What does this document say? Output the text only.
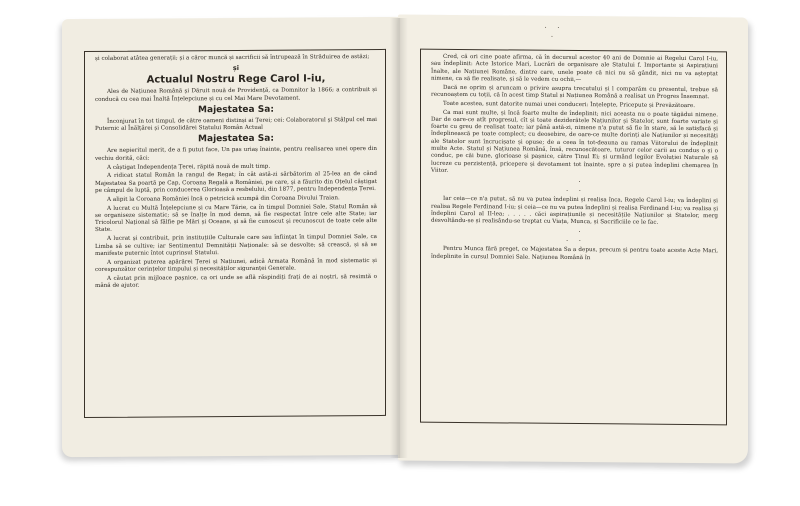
și colaborat atâtea generații; și a căror muncă și sacrificii să întrupează în Străduirea de astăzi;

și

Actualul Nostru Rege Carol I-iu,

Ales de Națiunea Română și Dăruit nouă de Providență, ca Domnitor la 1866; a contribuit și conducă cu cea mai Înaltă Înțelepciune și cu cel Mai Mare Devotament.

Majestatea Sa:

Înconjurat în tot timpul, de către oameni distinși ai Țerei; cei: Colaboratorul și Stâlpul cel mai Puternic al Înălțărei și Consolidărei Statului Român Actual

Majestatea Sa:

Are nepieritul merit, de a fi putut face, Un pas uriaș înainte, pentru realisarea unei opere din vechiu dorită, căci:

A câștigat Independența Țerei, răpită nouă de mult timp.

A ridicat statul Român la rangul de Regat; în cât astă-zi sărbătorim al 25-lea an de când Majestatea Sa poartă pe Cap, Coroana Regală a României, pe care, și a făurito din Oțelul câștigat pe câmpul de luptă, prin conducerea Glorioasă a resbelului, din 1877, pentru Independența Țerei.

A alipit la Coroana României încă o petricică scumpă din Coroana Divului Traian.

A lucrat cu Multă Înțelepciune și cu Mare Tărie, ca în timpul Domniei Sale, Statul Român să se organiseze sistematic; să se înalțe în mod demn, să fie respectat între cele alte State; iar Tricolorul Național să fâlfie pe Mări și Oceane, și să fie cunoscut și recunoscut de toate cele alte State.

A lucrat și contribuit, prin instituțiile Culturale care sau înființat în timpul Domniei Sale, ca Limba să se cultive; iar Sentimentul Demnității Naționale: să se desvolte; să crească, și să se manifeste puternic întot cuprinsul Statului.

A organizat puterea apărărei Țerei și Națiunei, adică Armata Română în mod sistematic și corespunzător cerințelor timpului și necesităților siguranței Generale.

A căutat prin mijloace pașnice, ca ori unde se află răspindiți frați de ai noștri, să resimtă o mână de ajutor.

·  ·
·

Cred, că ori cine poate afirma, că în decursul acestor 40 ani de Domnie ai Regelui Carol I-iu, sau îndeplinit: Acte Istorice Mari, Lucrări de organisare ale Statului f. Importante și Aspirațiuni Înalte, ale Națiunei Române, dintre care, unele poate că nici nu să gândit, nici nu va așteptat nimene, ca să fie realisate, și să le vedem cu ochii,—

Dacă ne oprim și aruncam o privire asupra trecutului și l comparăm cu presentul, trebue să recunoaștem cu toții, că în acest timp Statul și Națiunea Română a realisat un Progres Însemnat.

Toate acestea, sunt datorite numai unei conduceri: Înțelepte, Pricepute și Prevăzătoare.

Ca mai sunt multe, și încă foarte multe de îndeplinit; nici aceasta nu o poate tăgădui nimene. Dar de oare-ce atît progresul, cît și toate deziderătele Națiunilor și Statelor, sunt foarte variate și foarte cu greu de realisat toate; iar până astă-zi, nimene n'a putut să fie în stare, să le satisfacă și îndeplinească pe toate complect; cu deosebire, de oare-ce multe dorinți ale Națiunilor și necesități ale Statelor sunt încrucișate și opuse; de a ceea în tot-deauna au ramas Viitorului de îndeplinit multe Acte. Statul și Națiunea Română, însă, recunoscătoare, tuturor celor carii au condus o și o conduc, pe căi bune, glorioase și pașnice, către Ținul Ei; și urmând legilor Evoluției Naturale să lucreze cu perzistență, pricepere și devotament tot înainte, spre a și putea îndeplini chemarea în Viitor.

·
·  ·

Iar ceia—ce n'a putut, să nu va putea îndeplini și realisa înca, Regele Carol I-iu; va îndeplini și realisa Regele Ferdinand I-iu; și ceia—ce nu va putea îndeplini și realisa Ferdinand I-iu; va realisa și îndeplini Carol al II-lea; . . . . . căci aspirațiunile și necesitățile Națiunilor și Statelor, merg desvoltându-se și realisându-se treptat cu Viața, Munca, și Sacrificiile ce le fac.

·
·  ·

Pentru Munca fără preget, ce Majestatea Sa a depus, precum și pentru toate aceste Acte Mari, îndeplinite în cursul Domniei Sale. Națiunea Română în
